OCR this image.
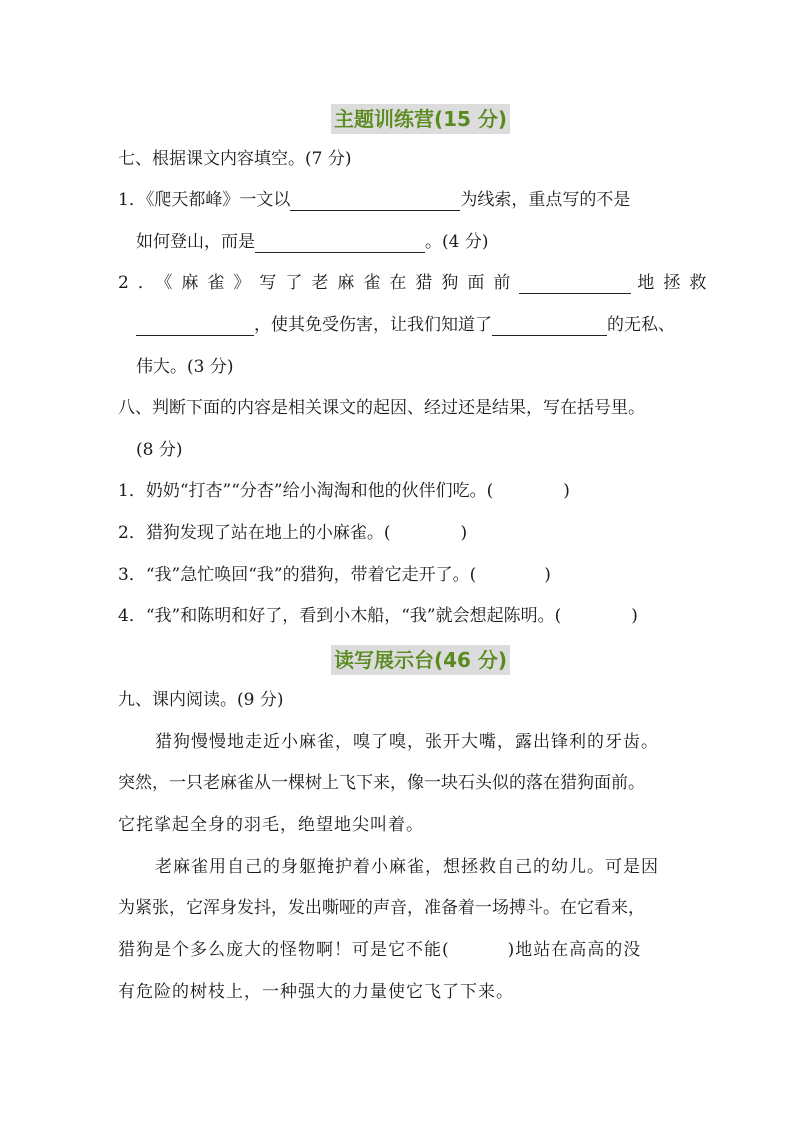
主题训练营(15 分)
七、根据课文内容填空。(7 分)
1．《爬天都峰》一文以	为线索，重点写的不是
如何登山，而是	。(4 分)
2．《麻雀》写了老麻雀在猎狗面前	地拯救
，使其免受伤害，让我们知道了	的无私、
伟大。(3 分)
八、判断下面的内容是相关课文的起因、经过还是结果，写在括号里。
(8 分)
1．奶奶“打杏”“分杏”给小淘淘和他的伙伴们吃。(	)
2．猎狗发现了站在地上的小麻雀。(	)
3．“我”急忙唤回“我”的猎狗，带着它走开了。(	)
4．“我”和陈明和好了，看到小木船，“我”就会想起陈明。(	)
读写展示台(46 分)
九、课内阅读。(9 分)
猎狗慢慢地走近小麻雀，嗅了嗅，张开大嘴，露出锋利的牙齿。
突然，一只老麻雀从一棵树上飞下来，像一块石头似的落在猎狗面前。
它挓挲起全身的羽毛，绝望地尖叫着。
老麻雀用自己的身躯掩护着小麻雀，想拯救自己的幼儿。可是因
为紧张，它浑身发抖，发出嘶哑的声音，准备着一场搏斗。在它看来，
猎狗是个多么庞大的怪物啊！可是它不能(	)地站在高高的没
有危险的树枝上，一种强大的力量使它飞了下来。
